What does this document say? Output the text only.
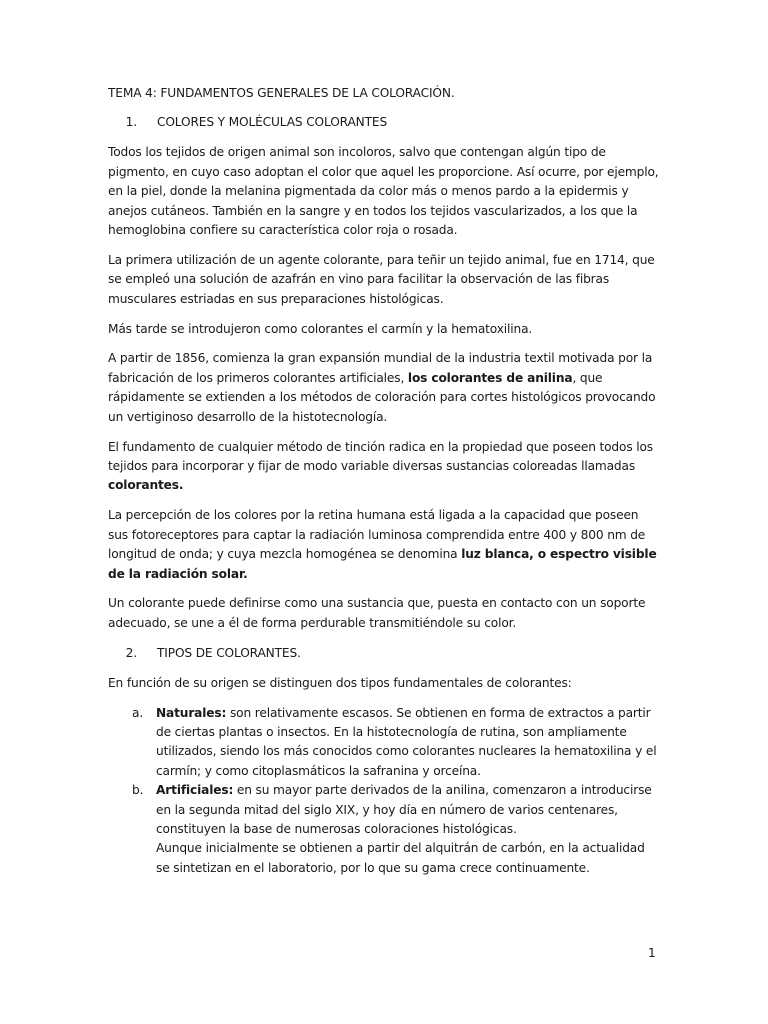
TEMA 4: FUNDAMENTOS GENERALES DE LA COLORACIÓN.

1.	COLORES Y MOLÉCULAS COLORANTES

Todos los tejidos de origen animal son incoloros, salvo que contengan algún tipo de pigmento, en cuyo caso adoptan el color que aquel les proporcione. Así ocurre, por ejemplo, en la piel, donde la melanina pigmentada da color más o menos pardo a la epidermis y anejos cutáneos. También en la sangre y en todos los tejidos vascularizados, a los que la hemoglobina confiere su característica color roja o rosada.

La primera utilización de un agente colorante, para teñir un tejido animal, fue en 1714, que se empleó una solución de azafrán en vino para facilitar la observación de las fibras musculares estriadas en sus preparaciones histológicas.

Más tarde se introdujeron como colorantes el carmín y la hematoxilina.

A partir de 1856, comienza la gran expansión mundial de la industria textil motivada por la fabricación de los primeros colorantes artificiales, los colorantes de anilina, que rápidamente se extienden a los métodos de coloración para cortes histológicos provocando un vertiginoso desarrollo de la histotecnología.

El fundamento de cualquier método de tinción radica en la propiedad que poseen todos los tejidos para incorporar y fijar de modo variable diversas sustancias coloreadas llamadas colorantes.

La percepción de los colores por la retina humana está ligada a la capacidad que poseen sus fotoreceptores para captar la radiación luminosa comprendida entre 400 y 800 nm de longitud de onda; y cuya mezcla homogénea se denomina luz blanca, o espectro visible de la radiación solar.

Un colorante puede definirse como una sustancia que, puesta en contacto con un soporte adecuado, se une a él de forma perdurable transmitiéndole su color.

2.	TIPOS DE COLORANTES.

En función de su origen se distinguen dos tipos fundamentales de colorantes:

a.	Naturales: son relativamente escasos. Se obtienen en forma de extractos a partir de ciertas plantas o insectos. En la histotecnología de rutina, son ampliamente utilizados, siendo los más conocidos como colorantes nucleares la hematoxilina y el carmín; y como citoplasmáticos la safranina y orceína.
b.	Artificiales: en su mayor parte derivados de la anilina, comenzaron a introducirse en la segunda mitad del siglo XIX, y hoy día en número de varios centenares, constituyen la base de numerosas coloraciones histológicas.
Aunque inicialmente se obtienen a partir del alquitrán de carbón, en la actualidad se sintetizan en el laboratorio, por lo que su gama crece continuamente.
1
